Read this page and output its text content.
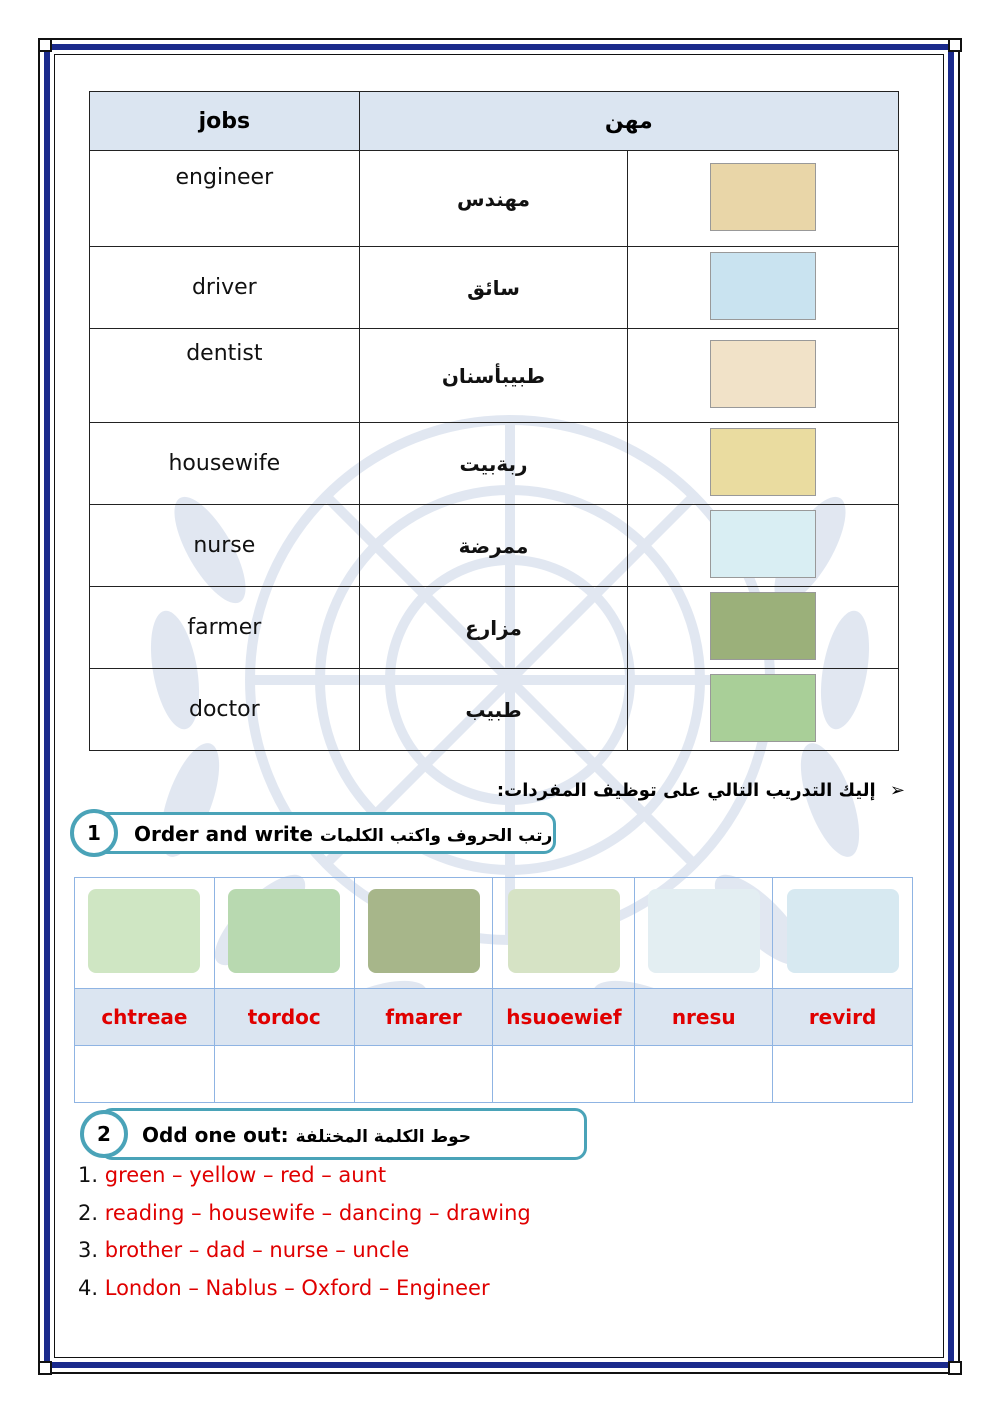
jobs	مهن	
engineer	مهندس	
driver	سائق	
dentist	طبيبأسنان	
housewife	ربةبيت	
nurse	ممرضة	
farmer	مزارع	
doctor	طبيب	
➢ إليك التدريب التالي على توظيف المفردات:
1	Order and write رتب الحروف واكتب الكلمات

chtreae	tordoc	fmarer	hsuoewief	nresu	revird

2	Odd one out: حوط الكلمة المختلفة
1. green – yellow – red – aunt
2. reading – housewife – dancing – drawing
3. brother – dad – nurse – uncle
4. London – Nablus – Oxford – Engineer
